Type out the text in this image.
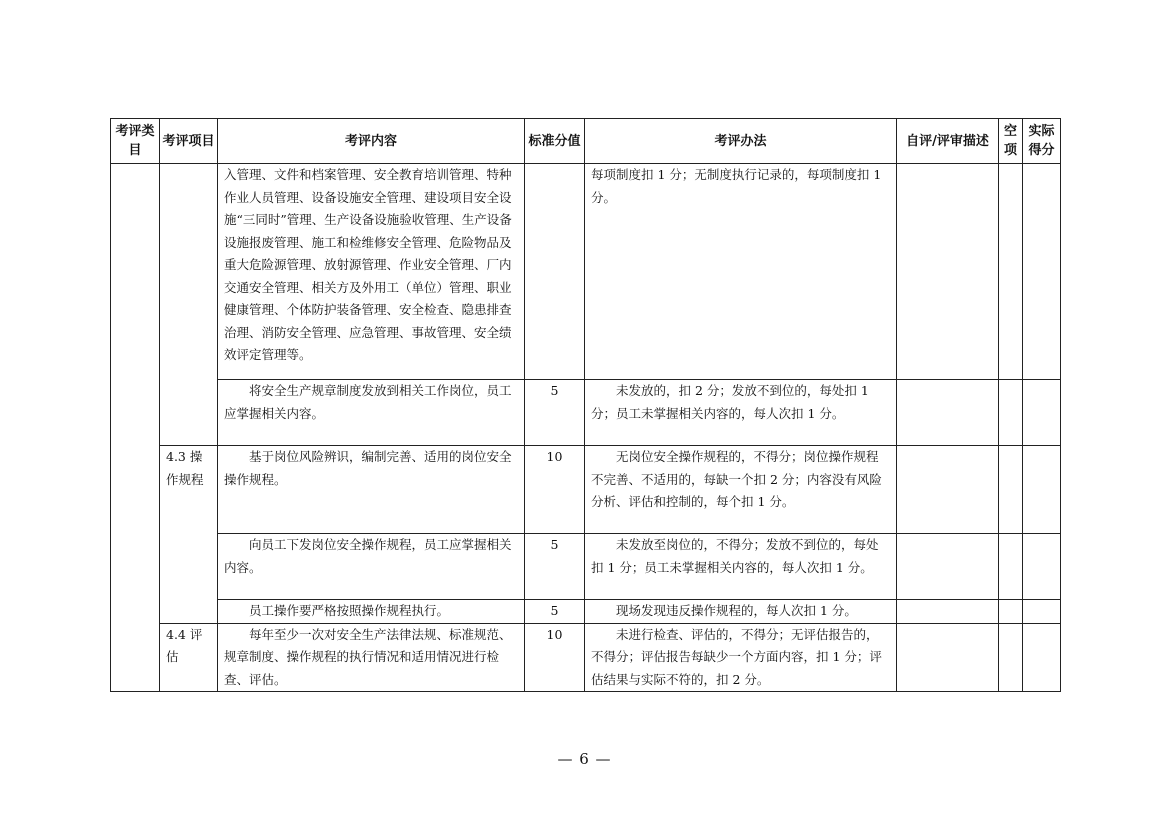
考评类目	考评项目	考评内容	标准分值	考评办法	自评/评审描述	空项	实际得分
		入管理、文件和档案管理、安全教育培训管理、特种作业人员管理、设备设施安全管理、建设项目安全设施“三同时”管理、生产设备设施验收管理、生产设备设施报废管理、施工和检维修安全管理、危险物品及重大危险源管理、放射源管理、作业安全管理、厂内交通安全管理、相关方及外用工（单位）管理、职业健康管理、个体防护装备管理、安全检查、隐患排查治理、消防安全管理、应急管理、事故管理、安全绩效评定管理等。		每项制度扣 1 分；无制度执行记录的，每项制度扣 1 分。			
		将安全生产规章制度发放到相关工作岗位，员工应掌握相关内容。	5	未发放的，扣 2 分；发放不到位的，每处扣 1 分；员工未掌握相关内容的，每人次扣 1 分。			
	4.3 操作规程	基于岗位风险辨识，编制完善、适用的岗位安全操作规程。	10	无岗位安全操作规程的，不得分；岗位操作规程不完善、不适用的，每缺一个扣 2 分；内容没有风险分析、评估和控制的，每个扣 1 分。			
		向员工下发岗位安全操作规程，员工应掌握相关内容。	5	未发放至岗位的，不得分；发放不到位的，每处扣 1 分；员工未掌握相关内容的，每人次扣 1 分。			
		员工操作要严格按照操作规程执行。	5	现场发现违反操作规程的，每人次扣 1 分。			
	4.4 评估	每年至少一次对安全生产法律法规、标准规范、规章制度、操作规程的执行情况和适用情况进行检查、评估。	10	未进行检查、评估的，不得分；无评估报告的，不得分；评估报告每缺少一个方面内容，扣 1 分；评估结果与实际不符的，扣 2 分。			
— 6 —
